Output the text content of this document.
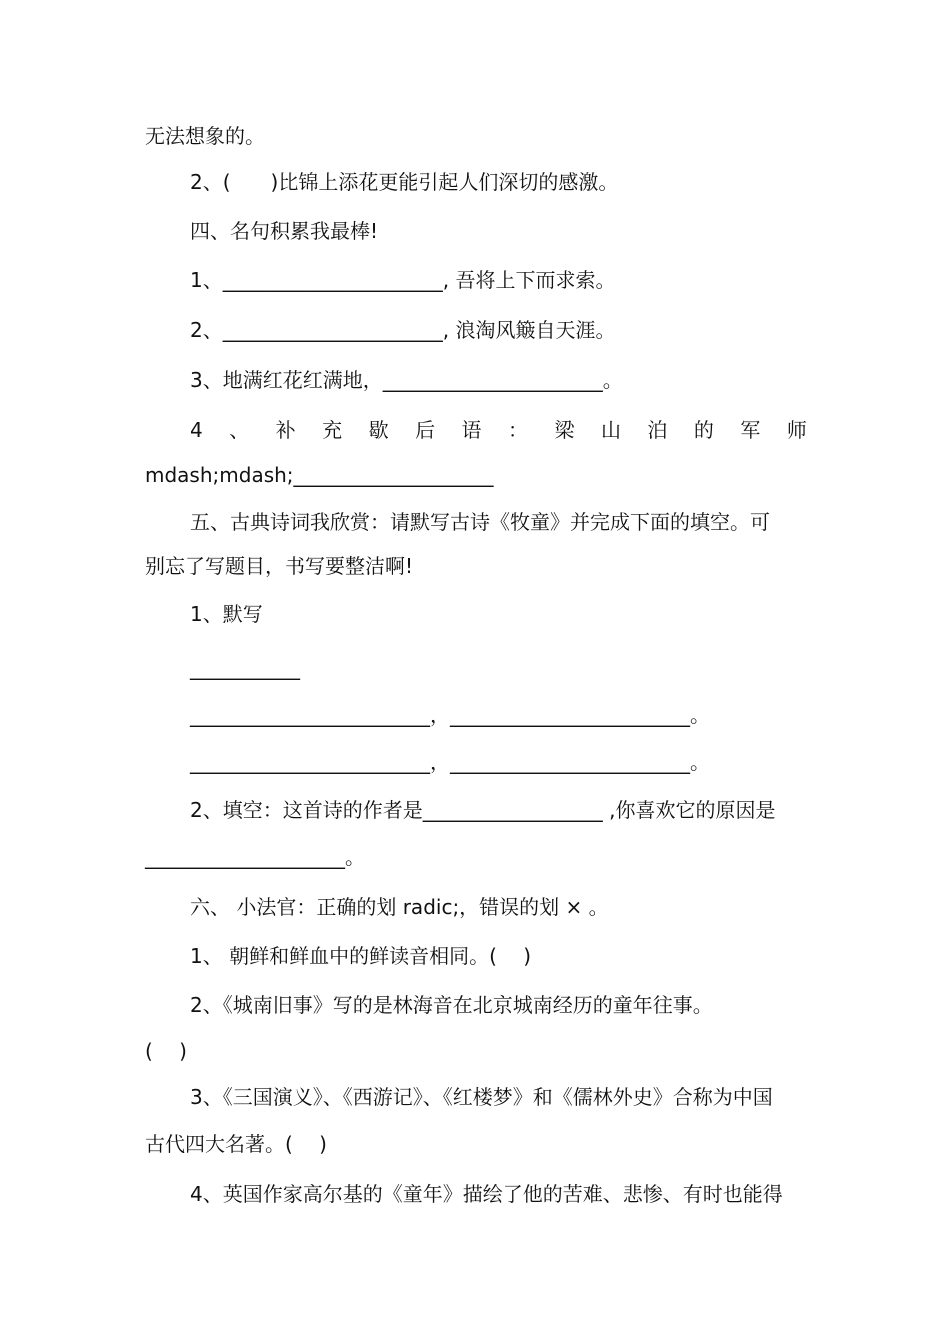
无法想象的。
2、(　　)比锦上添花更能引起人们深切的感激。
四、名句积累我最棒!
1、______________________, 吾将上下而求索。
2、______________________, 浪淘风簸自天涯。
3、地满红花红满地，______________________。
4 、 补 充 歇 后 语 ： 梁 山 泊 的 军 师
mdash;mdash;____________________
五、古典诗词我欣赏：请默写古诗《牧童》并完成下面的填空。可
别忘了写题目，书写要整洁啊!
1、默写
___________
________________________，________________________。
________________________，________________________。
2、填空：这首诗的作者是__________________ ,你喜欢它的原因是
____________________。
六、 小法官：正确的划 radic;，错误的划 × 。
1、 朝鲜和鲜血中的鲜读音相同。(　 )
2、《城南旧事》写的是林海音在北京城南经历的童年往事。
(　 )
3、《三国演义》、《西游记》、《红楼梦》和《儒林外史》合称为中国
古代四大名著。(　 )
4、英国作家高尔基的《童年》描绘了他的苦难、悲惨、有时也能得
